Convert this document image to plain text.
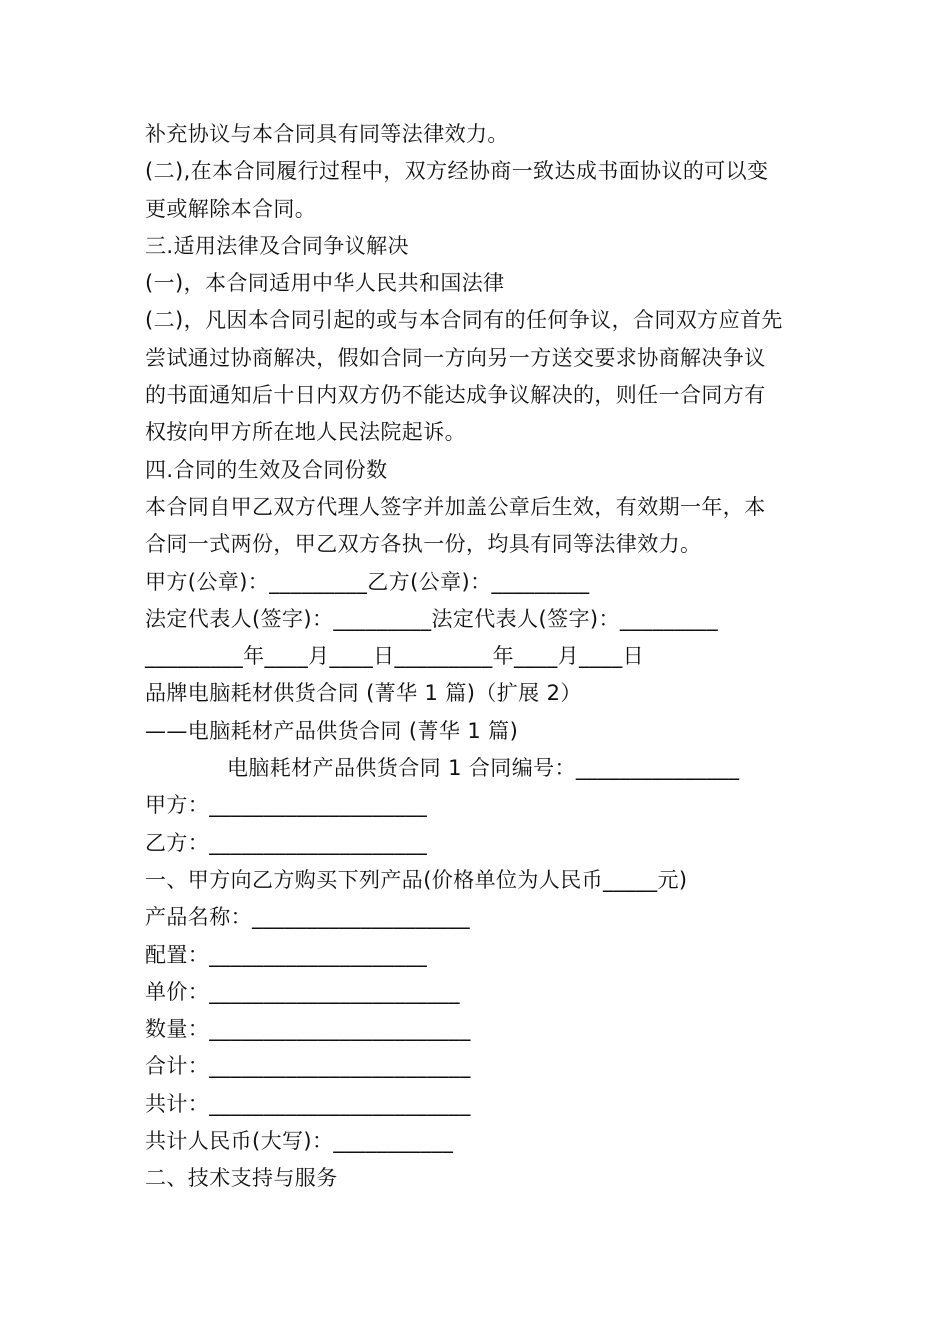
补充协议与本合同具有同等法律效力。
(二),在本合同履行过程中，双方经协商一致达成书面协议的可以变
更或解除本合同。
三.适用法律及合同争议解决
(一)，本合同适用中华人民共和国法律
(二)，凡因本合同引起的或与本合同有的任何争议，合同双方应首先
尝试通过协商解决，假如合同一方向另一方送交要求协商解决争议
的书面通知后十日内双方仍不能达成争议解决的，则任一合同方有
权按向甲方所在地人民法院起诉。
四.合同的生效及合同份数
本合同自甲乙双方代理人签字并加盖公章后生效，有效期一年，本
合同一式两份，甲乙双方各执一份，均具有同等法律效力。
甲方(公章)：_________乙方(公章)：_________
法定代表人(签字)：_________法定代表人(签字)：_________
_________年____月____日_________年____月____日
品牌电脑耗材供货合同 (菁华 1 篇)（扩展 2）
——电脑耗材产品供货合同 (菁华 1 篇)
电脑耗材产品供货合同 1 合同编号：_______________
甲方：____________________
乙方：____________________
一、甲方向乙方购买下列产品(价格单位为人民币_____元)
产品名称：____________________
配置：____________________
单价：_______________________
数量：________________________
合计：________________________
共计：________________________
共计人民币(大写)：___________
二、技术支持与服务
